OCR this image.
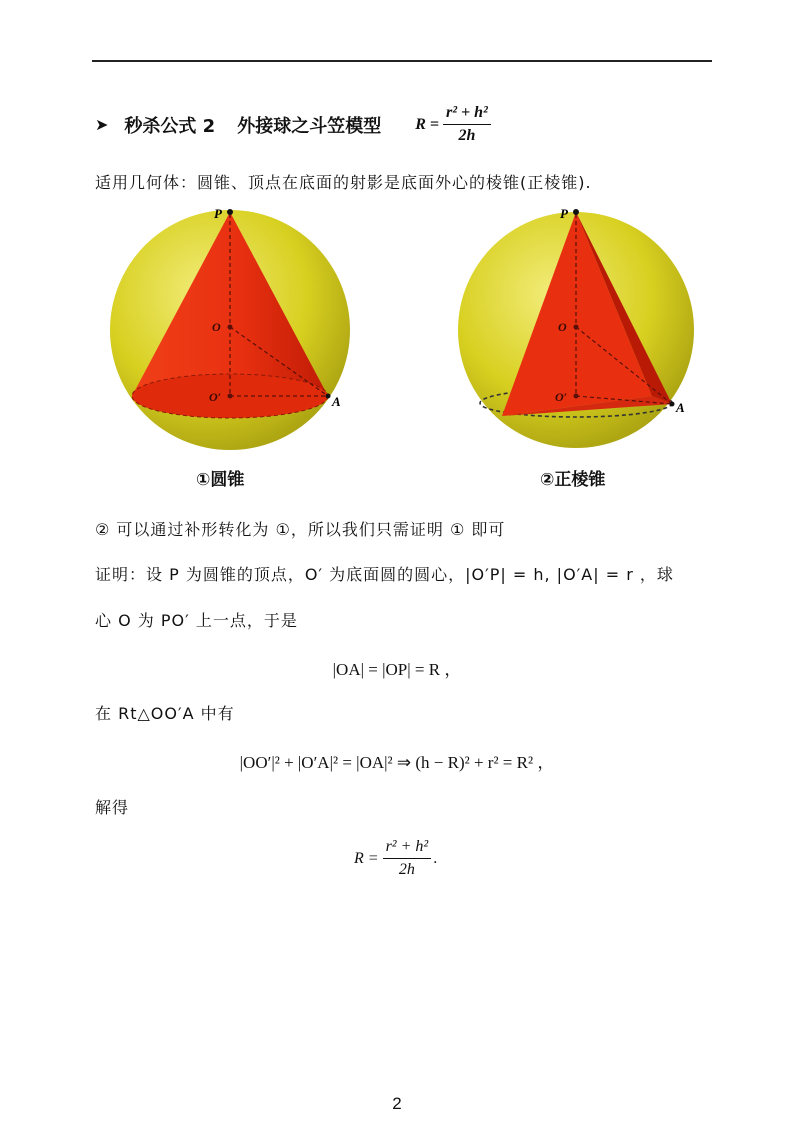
➤ 秒杀公式 2 外接球之斗笠模型 $R = \frac{\text{r² + h²}}{2h}$
适用几何体：圆锥、顶点在底面的射影是底面外心的棱锥(正棱锥).
P
O
O′	A
P
O
O′
A
①圆锥	②正棱锥
② 可以通过补形转化为 ①，所以我们只需证明 ① 即可
证明：设 P 为圆锥的顶点，O′ 为底面圆的圆心，|O′P| = h, |O′A| = r ，球
心 O 为 PO′ 上一点，于是
|OA| = |OP| = R ，
在 Rt△OO′A 中有
|OO′|² + |O′A|² = |OA|² ⇒ (h − R)² + r² = R² ，
解得
$R = \frac{\text{r² + h²}}{2h}$ .
2
